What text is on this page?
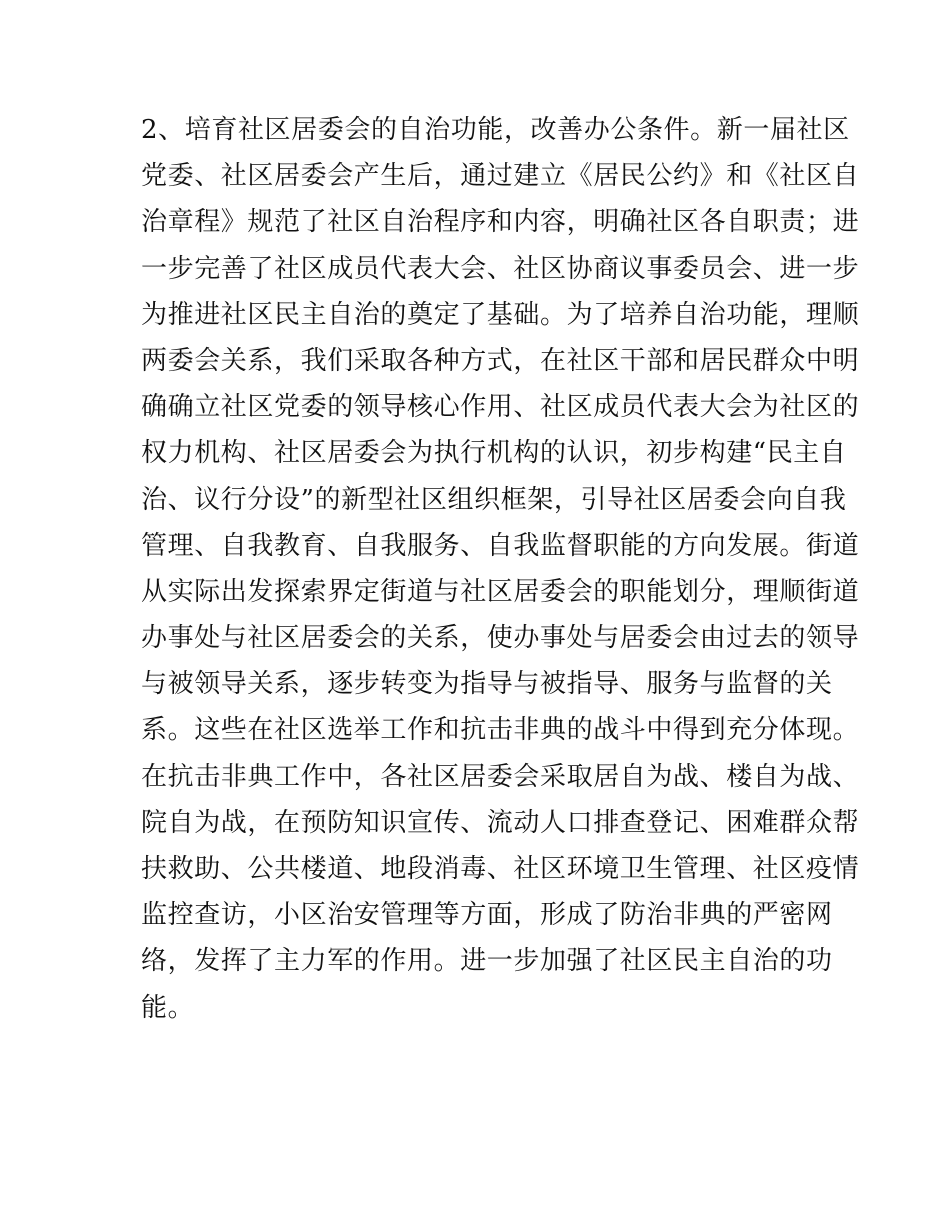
2、培育社区居委会的自治功能，改善办公条件。新一届社区
党委、社区居委会产生后，通过建立《居民公约》和《社区自
治章程》规范了社区自治程序和内容，明确社区各自职责；进
一步完善了社区成员代表大会、社区协商议事委员会、进一步
为推进社区民主自治的奠定了基础。为了培养自治功能，理顺
两委会关系，我们采取各种方式，在社区干部和居民群众中明
确确立社区党委的领导核心作用、社区成员代表大会为社区的
权力机构、社区居委会为执行机构的认识，初步构建“民主自
治、议行分设”的新型社区组织框架，引导社区居委会向自我
管理、自我教育、自我服务、自我监督职能的方向发展。街道
从实际出发探索界定街道与社区居委会的职能划分，理顺街道
办事处与社区居委会的关系，使办事处与居委会由过去的领导
与被领导关系，逐步转变为指导与被指导、服务与监督的关
系。这些在社区选举工作和抗击非典的战斗中得到充分体现。
在抗击非典工作中，各社区居委会采取居自为战、楼自为战、
院自为战，在预防知识宣传、流动人口排查登记、困难群众帮
扶救助、公共楼道、地段消毒、社区环境卫生管理、社区疫情
监控查访，小区治安管理等方面，形成了防治非典的严密网
络，发挥了主力军的作用。进一步加强了社区民主自治的功
能。
